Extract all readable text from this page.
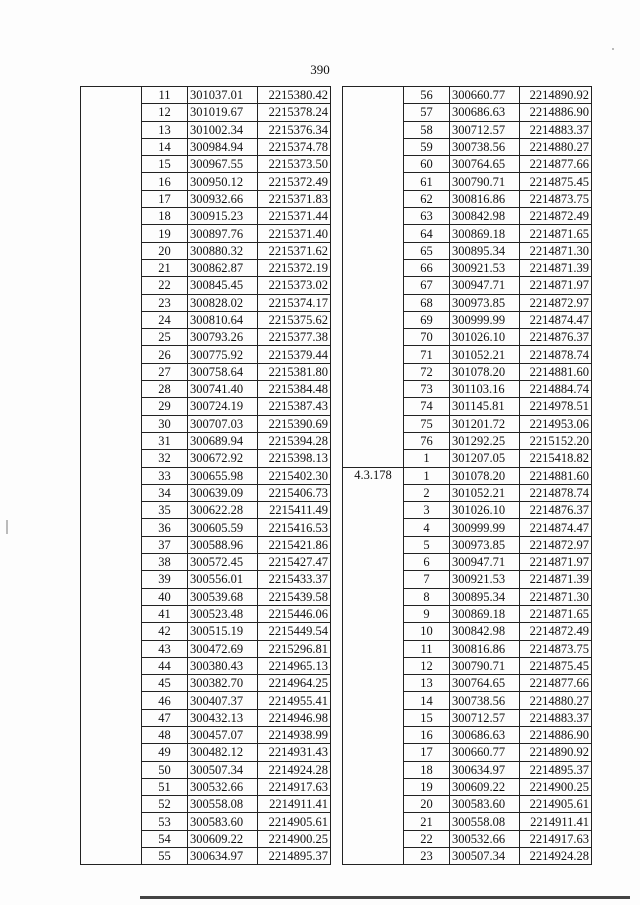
390
	11	301037.01	2215380.42
	12	301019.67	2215378.24
	13	301002.34	2215376.34
	14	300984.94	2215374.78
	15	300967.55	2215373.50
	16	300950.12	2215372.49
	17	300932.66	2215371.83
	18	300915.23	2215371.44
	19	300897.76	2215371.40
	20	300880.32	2215371.62
	21	300862.87	2215372.19
	22	300845.45	2215373.02
	23	300828.02	2215374.17
	24	300810.64	2215375.62
	25	300793.26	2215377.38
	26	300775.92	2215379.44
	27	300758.64	2215381.80
	28	300741.40	2215384.48
	29	300724.19	2215387.43
	30	300707.03	2215390.69
	31	300689.94	2215394.28
	32	300672.92	2215398.13
	33	300655.98	2215402.30
	34	300639.09	2215406.73
	35	300622.28	2215411.49
	36	300605.59	2215416.53
	37	300588.96	2215421.86
	38	300572.45	2215427.47
	39	300556.01	2215433.37
	40	300539.68	2215439.58
	41	300523.48	2215446.06
	42	300515.19	2215449.54
	43	300472.69	2215296.81
	44	300380.43	2214965.13
	45	300382.70	2214964.25
	46	300407.37	2214955.41
	47	300432.13	2214946.98
	48	300457.07	2214938.99
	49	300482.12	2214931.43
	50	300507.34	2214924.28
	51	300532.66	2214917.63
	52	300558.08	2214911.41
	53	300583.60	2214905.61
	54	300609.22	2214900.25
	55	300634.97	2214895.37
	56	300660.77	2214890.92
	57	300686.63	2214886.90
	58	300712.57	2214883.37
	59	300738.56	2214880.27
	60	300764.65	2214877.66
	61	300790.71	2214875.45
	62	300816.86	2214873.75
	63	300842.98	2214872.49
	64	300869.18	2214871.65
	65	300895.34	2214871.30
	66	300921.53	2214871.39
	67	300947.71	2214871.97
	68	300973.85	2214872.97
	69	300999.99	2214874.47
	70	301026.10	2214876.37
	71	301052.21	2214878.74
	72	301078.20	2214881.60
	73	301103.16	2214884.74
	74	301145.81	2214978.51
	75	301201.72	2214953.06
	76	301292.25	2215152.20
	1	301207.05	2215418.82
4.3.178	1	301078.20	2214881.60
	2	301052.21	2214878.74
	3	301026.10	2214876.37
	4	300999.99	2214874.47
	5	300973.85	2214872.97
	6	300947.71	2214871.97
	7	300921.53	2214871.39
	8	300895.34	2214871.30
	9	300869.18	2214871.65
	10	300842.98	2214872.49
	11	300816.86	2214873.75
	12	300790.71	2214875.45
	13	300764.65	2214877.66
	14	300738.56	2214880.27
	15	300712.57	2214883.37
	16	300686.63	2214886.90
	17	300660.77	2214890.92
	18	300634.97	2214895.37
	19	300609.22	2214900.25
	20	300583.60	2214905.61
	21	300558.08	2214911.41
	22	300532.66	2214917.63
	23	300507.34	2214924.28
